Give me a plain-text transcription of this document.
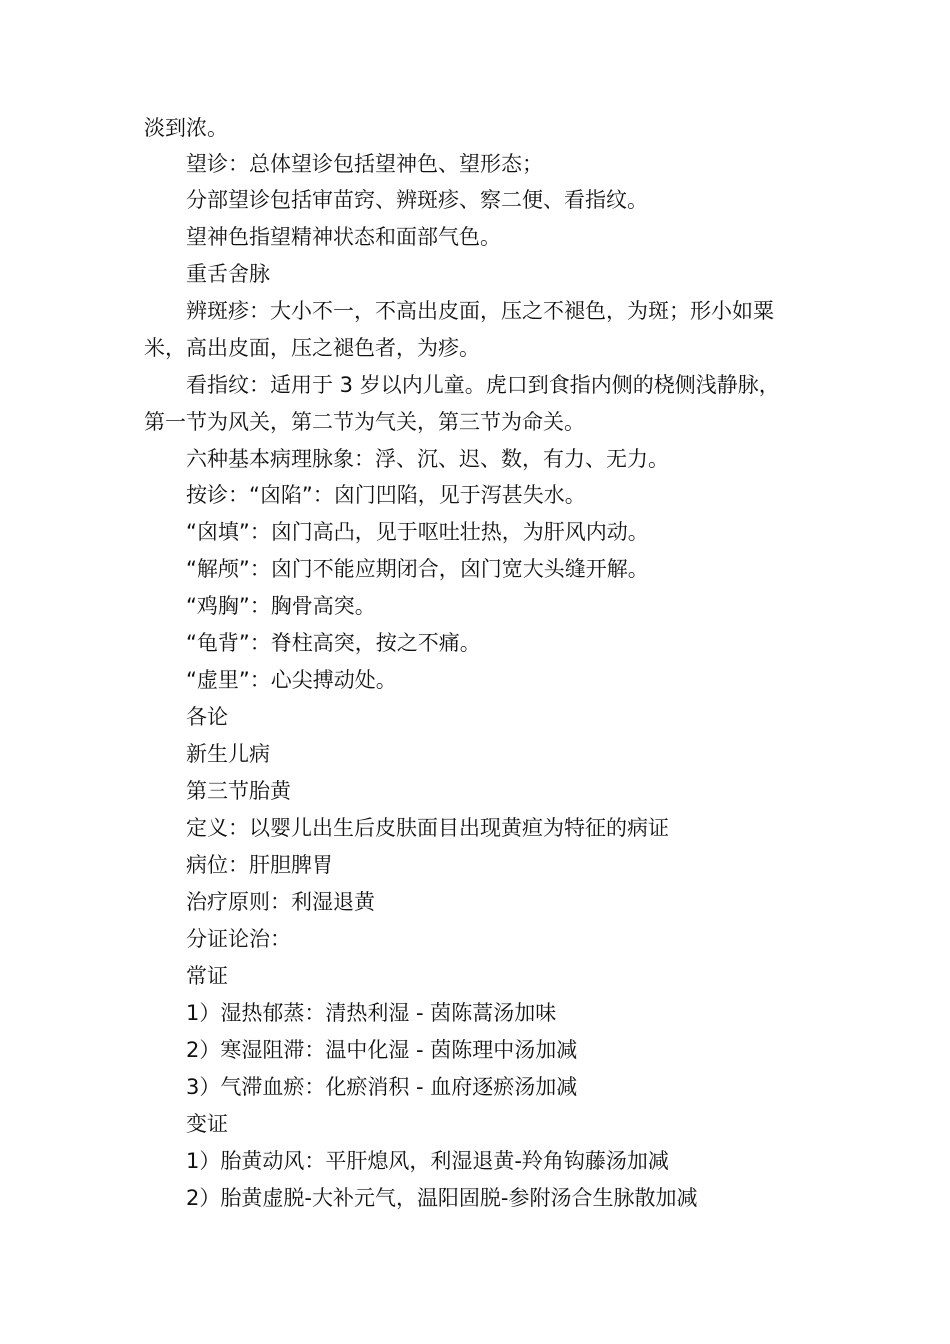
淡到浓。
望诊：总体望诊包括望神色、望形态；
分部望诊包括审苗窍、辨斑疹、察二便、看指纹。
望神色指望精神状态和面部气色。
重舌舍脉
辨斑疹：大小不一，不高出皮面，压之不褪色，为斑；形小如粟
米，高出皮面，压之褪色者，为疹。
看指纹：适用于 3 岁以内儿童。虎口到食指内侧的桡侧浅静脉，
第一节为风关，第二节为气关，第三节为命关。
六种基本病理脉象：浮、沉、迟、数，有力、无力。
按诊：“囟陷”：囟门凹陷，见于泻甚失水。
“囟填”：囟门高凸，见于呕吐壮热，为肝风内动。
“解颅”：囟门不能应期闭合，囟门宽大头缝开解。
“鸡胸”：胸骨高突。
“龟背”：脊柱高突，按之不痛。
“虚里”：心尖搏动处。
各论
新生儿病
第三节胎黄
定义：以婴儿出生后皮肤面目出现黄疸为特征的病证
病位：肝胆脾胃
治疗原则：利湿退黄
分证论治：
常证
1）湿热郁蒸：清热利湿 - 茵陈蒿汤加味
2）寒湿阻滞：温中化湿 - 茵陈理中汤加减
3）气滞血瘀：化瘀消积 - 血府逐瘀汤加减
变证
1）胎黄动风：平肝熄风，利湿退黄-羚角钩藤汤加减
2）胎黄虚脱-大补元气，温阳固脱-参附汤合生脉散加减
